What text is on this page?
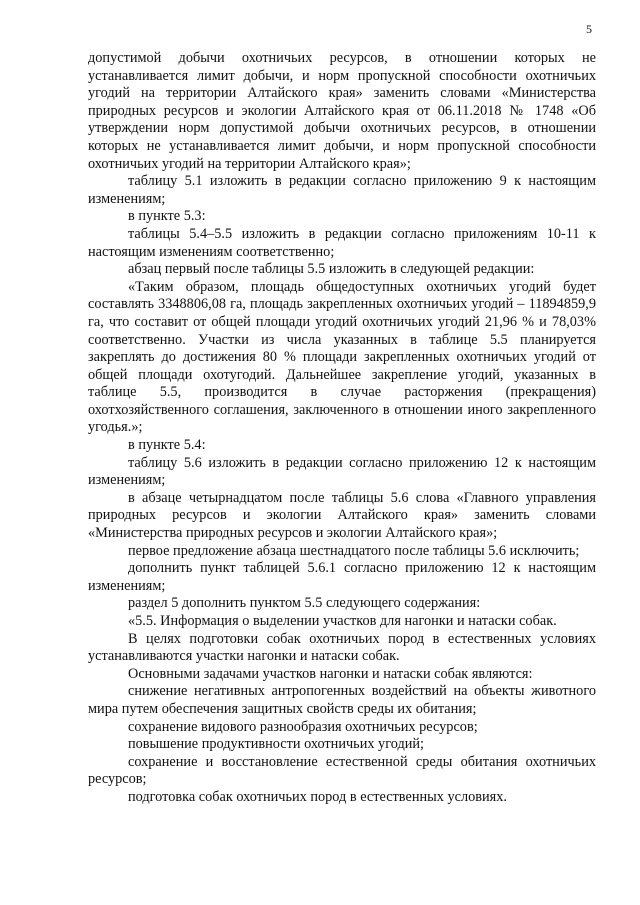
5

допустимой добычи охотничьих ресурсов, в отношении которых не устанавливается лимит добычи, и норм пропускной способности охотничьих угодий на территории Алтайского края» заменить словами «Министерства природных ресурсов и экологии Алтайского края от 06.11.2018 № 1748 «Об утверждении норм допустимой добычи охотничьих ресурсов, в отношении которых не устанавливается лимит добычи, и норм пропускной способности охотничьих угодий на территории Алтайского края»;

таблицу 5.1 изложить в редакции согласно приложению 9 к настоящим изменениям;

в пункте 5.3:

таблицы 5.4–5.5 изложить в редакции согласно приложениям 10-11 к настоящим изменениям соответственно;

абзац первый после таблицы 5.5 изложить в следующей редакции:

«Таким образом, площадь общедоступных охотничьих угодий будет составлять 3348806,08 га, площадь закрепленных охотничьих угодий – 11894859,9 га, что составит от общей площади угодий охотничьих угодий 21,96 % и 78,03% соответственно. Участки из числа указанных в таблице 5.5 планируется закреплять до достижения 80 % площади закрепленных охотничьих угодий от общей площади охотугодий. Дальнейшее закрепление угодий, указанных в таблице 5.5, производится в случае расторжения (прекращения) охотхозяйственного соглашения, заключенного в отношении иного закрепленного угодья.»;

в пункте 5.4:

таблицу 5.6 изложить в редакции согласно приложению 12 к настоящим изменениям;

в абзаце четырнадцатом после таблицы 5.6 слова «Главного управления природных ресурсов и экологии Алтайского края» заменить словами «Министерства природных ресурсов и экологии Алтайского края»;

первое предложение абзаца шестнадцатого после таблицы 5.6 исключить;

дополнить пункт таблицей 5.6.1 согласно приложению 12 к настоящим изменениям;

раздел 5 дополнить пунктом 5.5 следующего содержания:

«5.5. Информация о выделении участков для нагонки и натаски собак.

В целях подготовки собак охотничьих пород в естественных условиях устанавливаются участки нагонки и натаски собак.

Основными задачами участков нагонки и натаски собак являются:

снижение негативных антропогенных воздействий на объекты животного мира путем обеспечения защитных свойств среды их обитания;

сохранение видового разнообразия охотничьих ресурсов;

повышение продуктивности охотничьих угодий;

сохранение и восстановление естественной среды обитания охотничьих ресурсов;

подготовка собак охотничьих пород в естественных условиях.
